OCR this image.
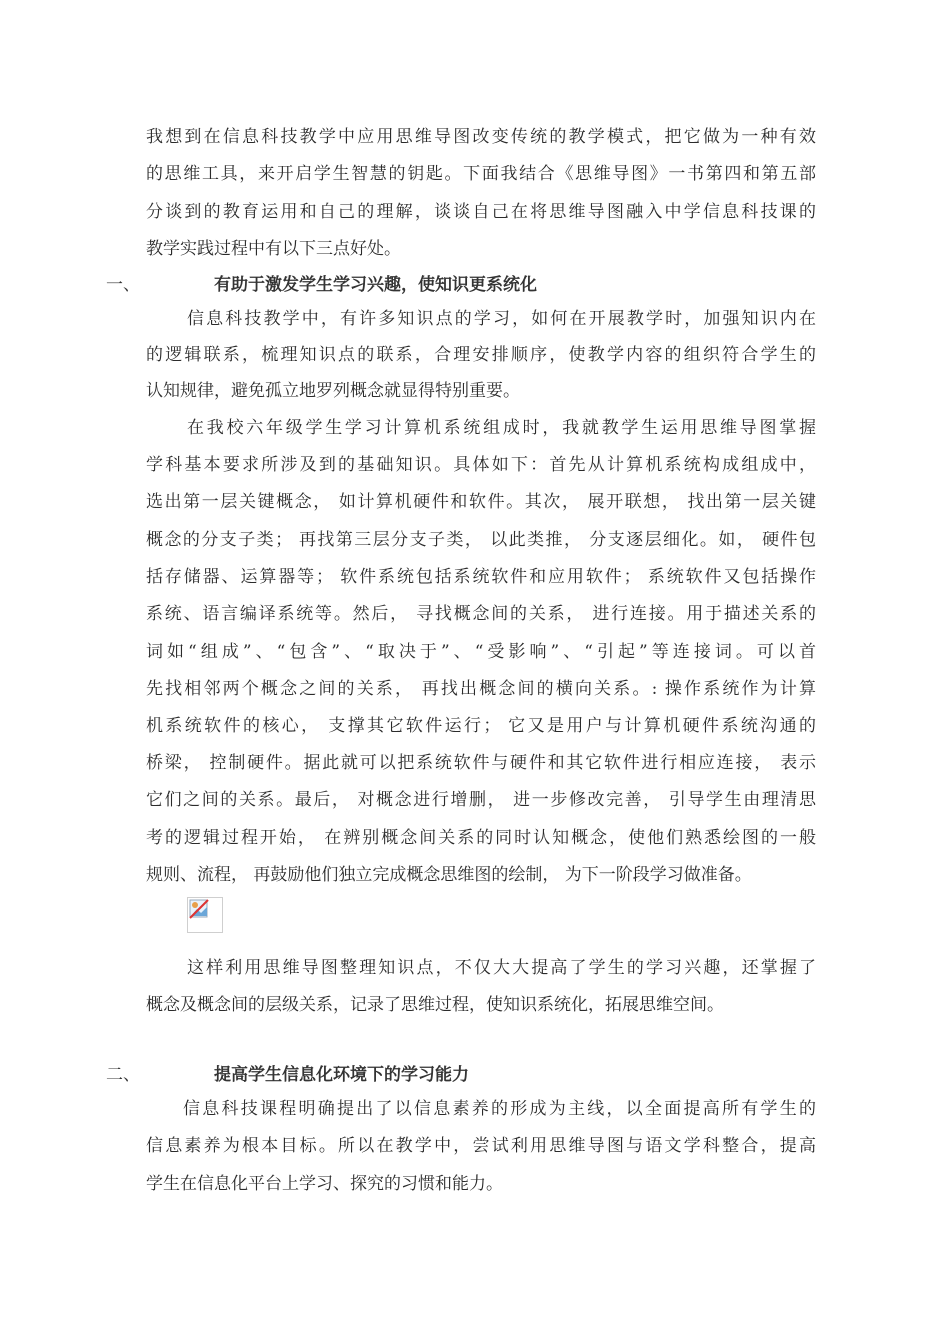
我想到在信息科技教学中应用思维导图改变传统的教学模式，把它做为一种有效
的思维工具，来开启学生智慧的钥匙。下面我结合《思维导图》一书第四和第五部
分谈到的教育运用和自己的理解，谈谈自己在将思维导图融入中学信息科技课的
教学实践过程中有以下三点好处。
一、	有助于激发学生学习兴趣，使知识更系统化
信息科技教学中，有许多知识点的学习，如何在开展教学时，加强知识内在
的逻辑联系，梳理知识点的联系，合理安排顺序，使教学内容的组织符合学生的
认知规律，避免孤立地罗列概念就显得特别重要。
在我校六年级学生学习计算机系统组成时，我就教学生运用思维导图掌握
学科基本要求所涉及到的基础知识。具体如下：首先从计算机系统构成组成中，
选出第一层关键概念， 如计算机硬件和软件。其次， 展开联想， 找出第一层关键
概念的分支子类； 再找第三层分支子类， 以此类推， 分支逐层细化。如， 硬件包
括存储器、运算器等； 软件系统包括系统软件和应用软件； 系统软件又包括操作
系统、语言编译系统等。然后， 寻找概念间的关系， 进行连接。用于描述关系的
词如“组成”、“包含”、“取决于”、“受影响”、“引起”等连接词。可以首
先找相邻两个概念之间的关系， 再找出概念间的横向关系。: 操作系统作为计算
机系统软件的核心， 支撑其它软件运行； 它又是用户与计算机硬件系统沟通的
桥梁， 控制硬件。据此就可以把系统软件与硬件和其它软件进行相应连接， 表示
它们之间的关系。最后， 对概念进行增删， 进一步修改完善， 引导学生由理清思
考的逻辑过程开始， 在辨别概念间关系的同时认知概念，使他们熟悉绘图的一般
规则、流程， 再鼓励他们独立完成概念思维图的绘制， 为下一阶段学习做准备。
这样利用思维导图整理知识点，不仅大大提高了学生的学习兴趣，还掌握了
概念及概念间的层级关系，记录了思维过程，使知识系统化，拓展思维空间。
二、	提高学生信息化环境下的学习能力
信息科技课程明确提出了以信息素养的形成为主线，以全面提高所有学生的
信息素养为根本目标。所以在教学中，尝试利用思维导图与语文学科整合，提高
学生在信息化平台上学习、探究的习惯和能力。
